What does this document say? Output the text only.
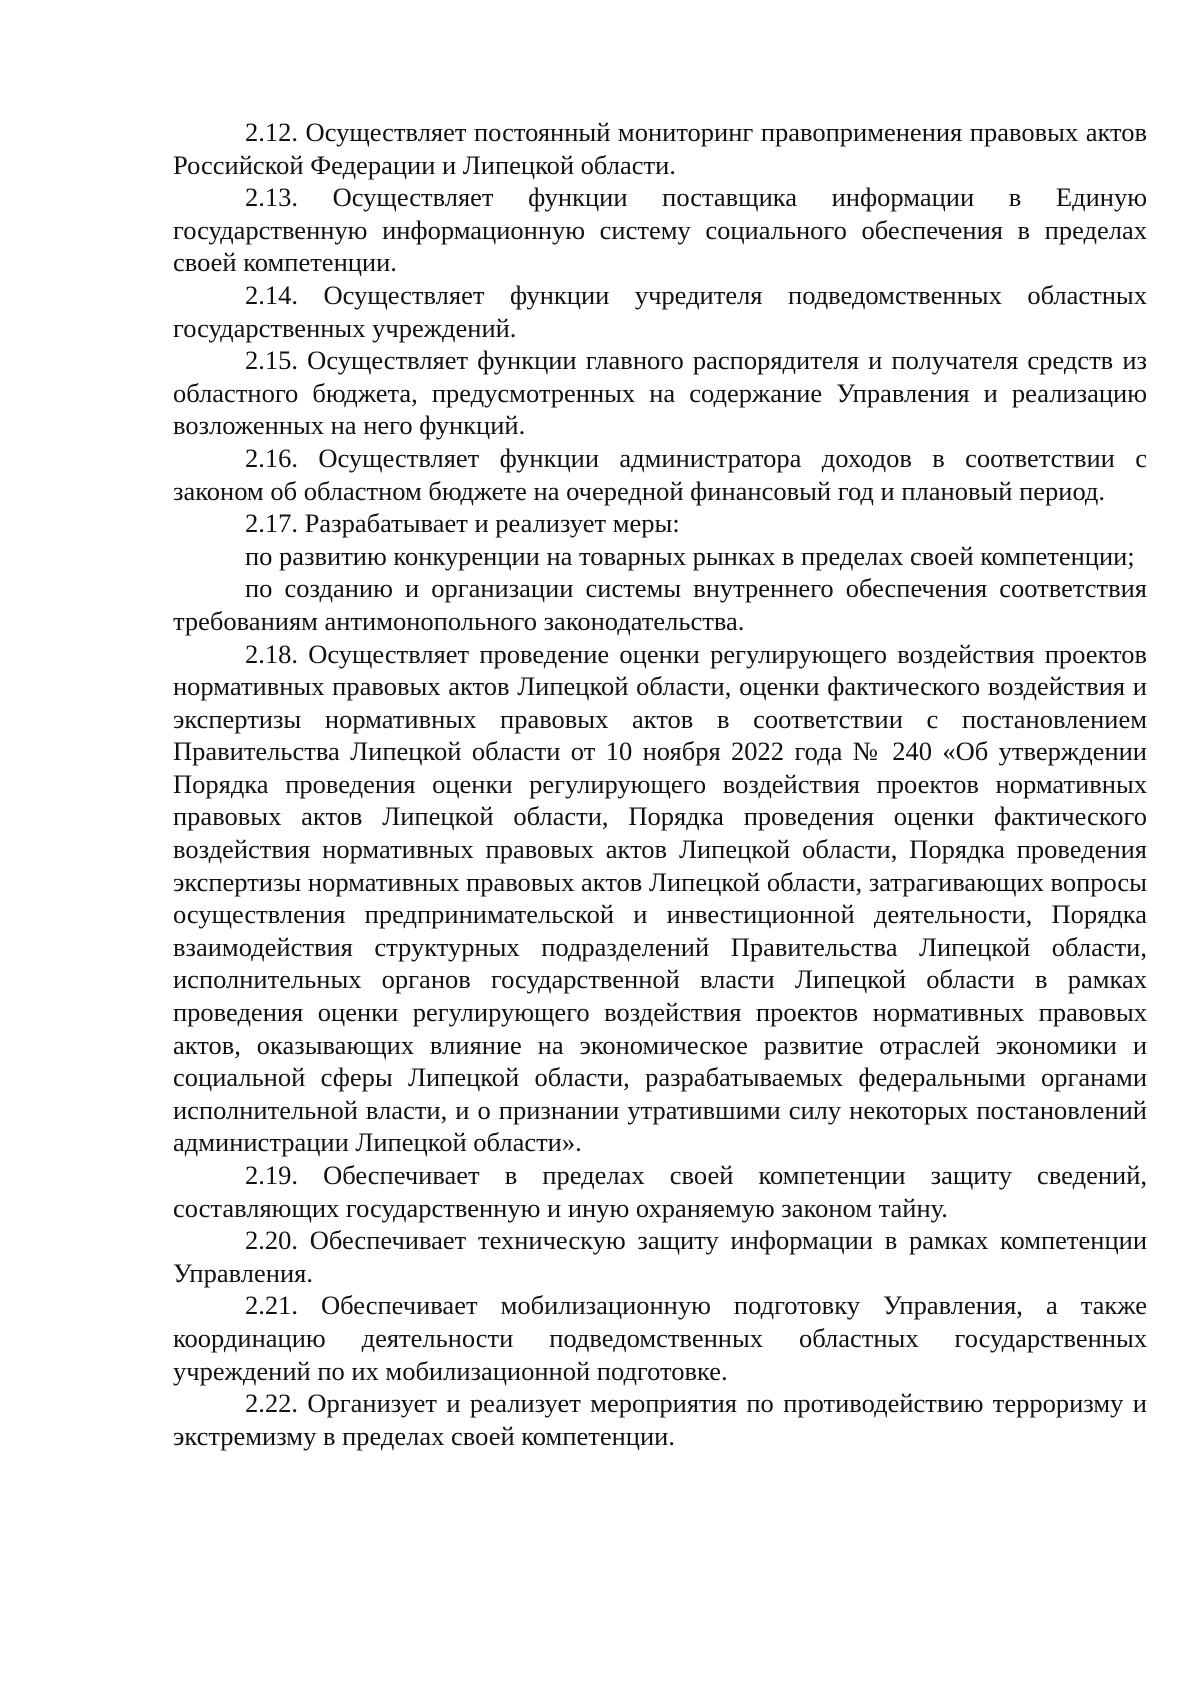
2.12. Осуществляет постоянный мониторинг правоприменения правовых актов Российской Федерации и Липецкой области.

2.13. Осуществляет функции поставщика информации в Единую государственную информационную систему социального обеспечения в пределах своей компетенции.

2.14. Осуществляет функции учредителя подведомственных областных государственных учреждений.

2.15. Осуществляет функции главного распорядителя и получателя средств из областного бюджета, предусмотренных на содержание Управления и реализацию возложенных на него функций.

2.16. Осуществляет функции администратора доходов в соответствии с законом об областном бюджете на очередной финансовый год и плановый период.

2.17. Разрабатывает и реализует меры:

по развитию конкуренции на товарных рынках в пределах своей компетенции;

по созданию и организации системы внутреннего обеспечения соответствия требованиям антимонопольного законодательства.

2.18. Осуществляет проведение оценки регулирующего воздействия проектов нормативных правовых актов Липецкой области, оценки фактического воздействия и экспертизы нормативных правовых актов в соответствии с постановлением Правительства Липецкой области от 10 ноября 2022 года № 240 «Об утверждении Порядка проведения оценки регулирующего воздействия проектов нормативных правовых актов Липецкой области, Порядка проведения оценки фактического воздействия нормативных правовых актов Липецкой области, Порядка проведения экспертизы нормативных правовых актов Липецкой области, затрагивающих вопросы осуществления предпринимательской и инвестиционной деятельности, Порядка взаимодействия структурных подразделений Правительства Липецкой области, исполнительных органов государственной власти Липецкой области в рамках проведения оценки регулирующего воздействия проектов нормативных правовых актов, оказывающих влияние на экономическое развитие отраслей экономики и социальной сферы Липецкой области, разрабатываемых федеральными органами исполнительной власти, и о признании утратившими силу некоторых постановлений администрации Липецкой области».

2.19. Обеспечивает в пределах своей компетенции защиту сведений, составляющих государственную и иную охраняемую законом тайну.

2.20. Обеспечивает техническую защиту информации в рамках компетенции Управления.

2.21. Обеспечивает мобилизационную подготовку Управления, а также координацию деятельности подведомственных областных государственных учреждений по их мобилизационной подготовке.

2.22. Организует и реализует мероприятия по противодействию терроризму и экстремизму в пределах своей компетенции.
